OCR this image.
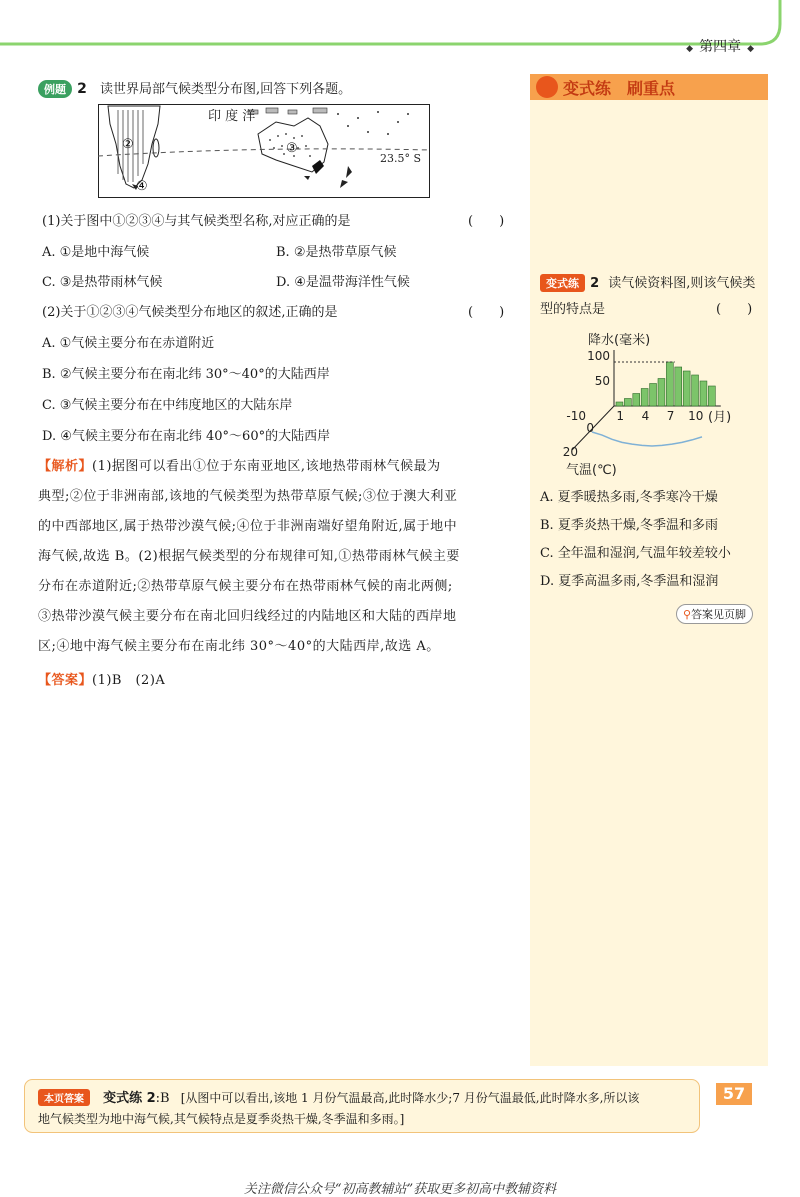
◆ 第四章 ◆
变式练　刷重点
例题 2 读世界局部气候类型分布图,回答下列各题。
印 度 洋
23.5° S
②	③
④
(1)关于图中①②③④与其气候类型名称,对应正确的是	(　　)
A. ①是地中海气候	B. ②是热带草原气候
C. ③是热带雨林气候	D. ④是温带海洋性气候
(2)关于①②③④气候类型分布地区的叙述,正确的是	(　　)
A. ①气候主要分布在赤道附近
B. ②气候主要分布在南北纬 30°～40°的大陆西岸
C. ③气候主要分布在中纬度地区的大陆东岸
D. ④气候主要分布在南北纬 40°～60°的大陆西岸
【解析】(1)据图可以看出①位于东南亚地区,该地热带雨林气候最为
典型;②位于非洲南部,该地的气候类型为热带草原气候;③位于澳大利亚
的中西部地区,属于热带沙漠气候;④位于非洲南端好望角附近,属于地中
海气候,故选 B。(2)根据气候类型的分布规律可知,①热带雨林气候主要
分布在赤道附近;②热带草原气候主要分布在热带雨林气候的南北两侧;
③热带沙漠气候主要分布在南北回归线经过的内陆地区和大陆的西岸地
区;④地中海气候主要分布在南北纬 30°～40°的大陆西岸,故选 A。
【答案】(1)B　(2)A
变式练 2 读气候资料图,则该气候类
型的特点是	(　　)
降水(毫米)
(月)
气温(℃)
100
50
1 4 7 10
-10
0
20
A. 夏季暖热多雨,冬季寒冷干燥
B. 夏季炎热干燥,冬季温和多雨
C. 全年温和湿润,气温年较差较小
D. 夏季高温多雨,冬季温和湿润
⚲答案见页脚
本页答案 变式练 2:B [从图中可以看出,该地 1 月份气温最高,此时降水少;7 月份气温最低,此时降水多,所以该
地气候类型为地中海气候,其气候特点是夏季炎热干燥,冬季温和多雨。]
57
关注微信公众号“初高教辅站”获取更多初高中教辅资料
